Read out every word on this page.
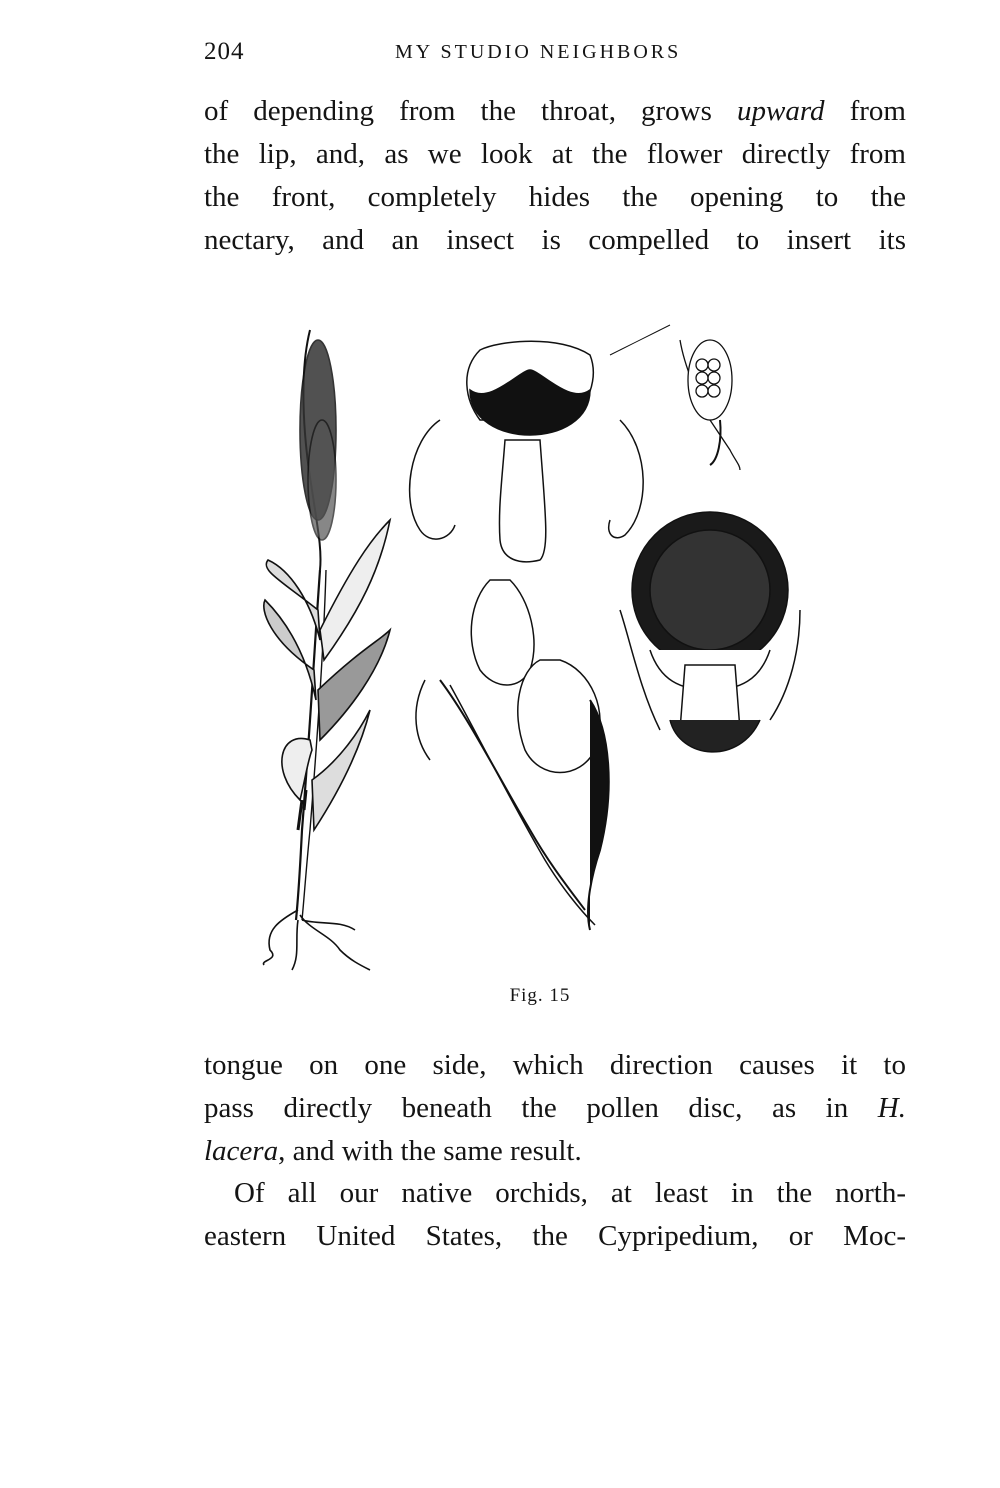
204	MY STUDIO NEIGHBORS

of depending from the throat, grows upward from
the lip, and, as we look at the flower directly from
the front, completely hides the opening to the
nectary, and an insect is compelled to insert its

Fig. 15

tongue on one side, which direction causes it to
pass directly beneath the pollen disc, as in H.
lacera, and with the same result.

Of all our native orchids, at least in the north-
eastern United States, the Cypripedium, or Moc-
